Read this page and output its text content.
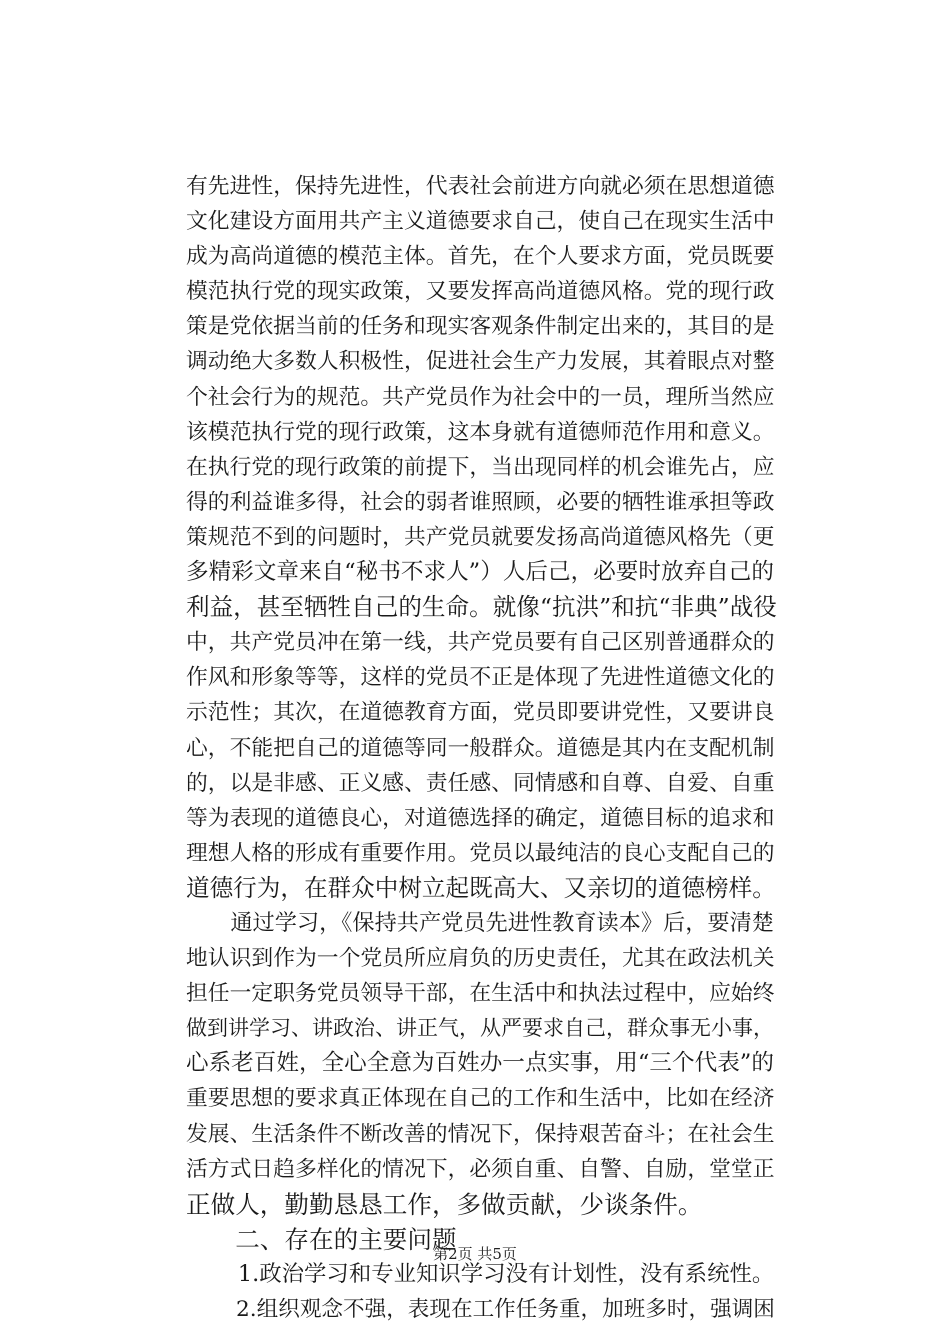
有先进性，保持先进性，代表社会前进方向就必须在思想道德
文化建设方面用共产主义道德要求自己，使自己在现实生活中
成为高尚道德的模范主体。首先，在个人要求方面，党员既要
模范执行党的现实政策，又要发挥高尚道德风格。党的现行政
策是党依据当前的任务和现实客观条件制定出来的，其目的是
调动绝大多数人积极性，促进社会生产力发展，其着眼点对整
个社会行为的规范。共产党员作为社会中的一员，理所当然应
该模范执行党的现行政策，这本身就有道德师范作用和意义。
在执行党的现行政策的前提下，当出现同样的机会谁先占，应
得的利益谁多得，社会的弱者谁照顾，必要的牺牲谁承担等政
策规范不到的问题时，共产党员就要发扬高尚道德风格先（更
多精彩文章来自“秘书不求人”）人后己，必要时放弃自己的
利益，甚至牺牲自己的生命。就像“抗洪”和抗“非典”战役
中，共产党员冲在第一线，共产党员要有自己区别普通群众的
作风和形象等等，这样的党员不正是体现了先进性道德文化的
示范性；其次，在道德教育方面，党员即要讲党性，又要讲良
心，不能把自己的道德等同一般群众。道德是其内在支配机制
的，以是非感、正义感、责任感、同情感和自尊、自爱、自重
等为表现的道德良心，对道德选择的确定，道德目标的追求和
理想人格的形成有重要作用。党员以最纯洁的良心支配自己的
道德行为，在群众中树立起既高大、又亲切的道德榜样。
　　通过学习，《保持共产党员先进性教育读本》后，要清楚
地认识到作为一个党员所应肩负的历史责任，尤其在政法机关
担任一定职务党员领导干部，在生活中和执法过程中，应始终
做到讲学习、讲政治、讲正气，从严要求自己，群众事无小事，
心系老百姓，全心全意为百姓办一点实事，用“三个代表”的
重要思想的要求真正体现在自己的工作和生活中，比如在经济
发展、生活条件不断改善的情况下，保持艰苦奋斗；在社会生
活方式日趋多样化的情况下，必须自重、自警、自励，堂堂正
正做人，勤勤恳恳工作，多做贡献，少谈条件。
　　二、存在的主要问题
　　 1.政治学习和专业知识学习没有计划性，没有系统性。
　　 2.组织观念不强，表现在工作任务重，加班多时，强调困
第2页 共5页
